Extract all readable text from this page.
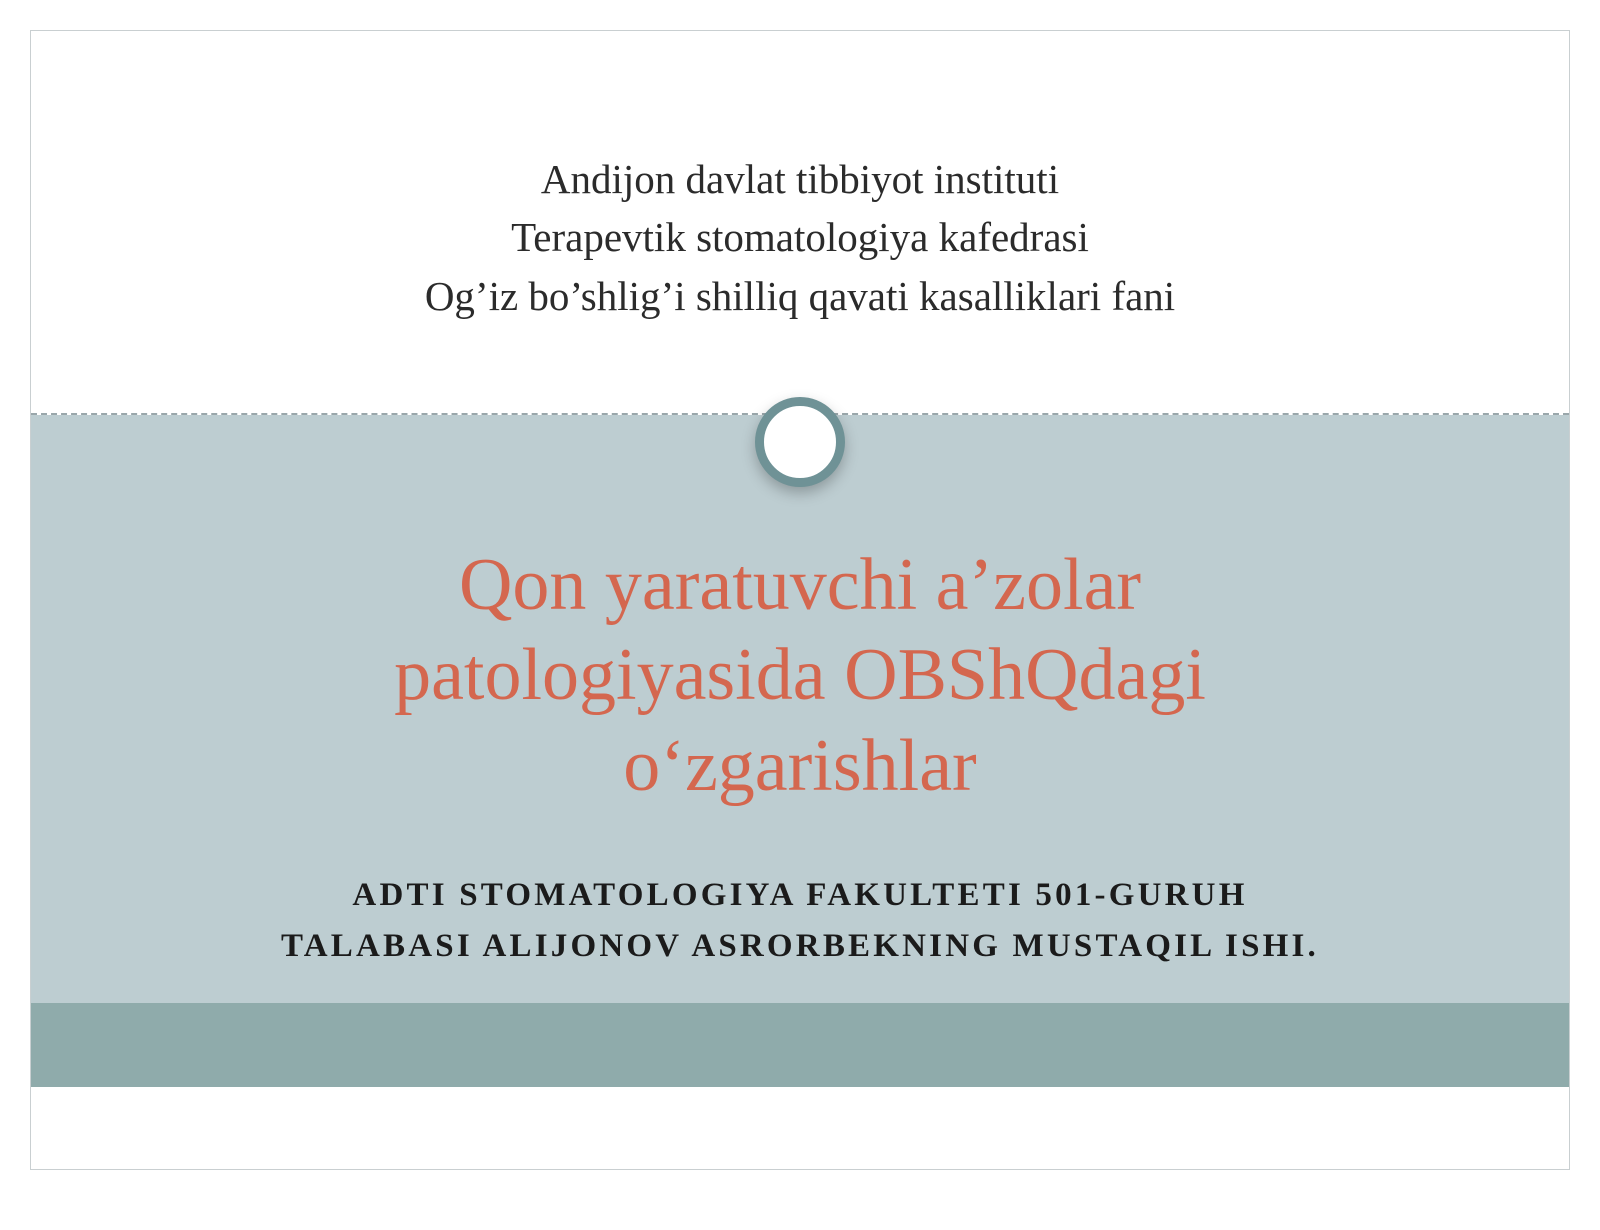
Andijon davlat tibbiyot instituti
Terapevtik stomatologiya kafedrasi
Og’iz bo’shlig’i shilliq qavati kasalliklari fani
Qon yaratuvchi a’zolar patologiyasida OBShQdagi o‘zgarishlar
ADTI STOMATOLOGIYA FAKULTETI 501-GURUH
TALABASI ALIJONOV ASRORBEKNING MUSTAQIL ISHI.
